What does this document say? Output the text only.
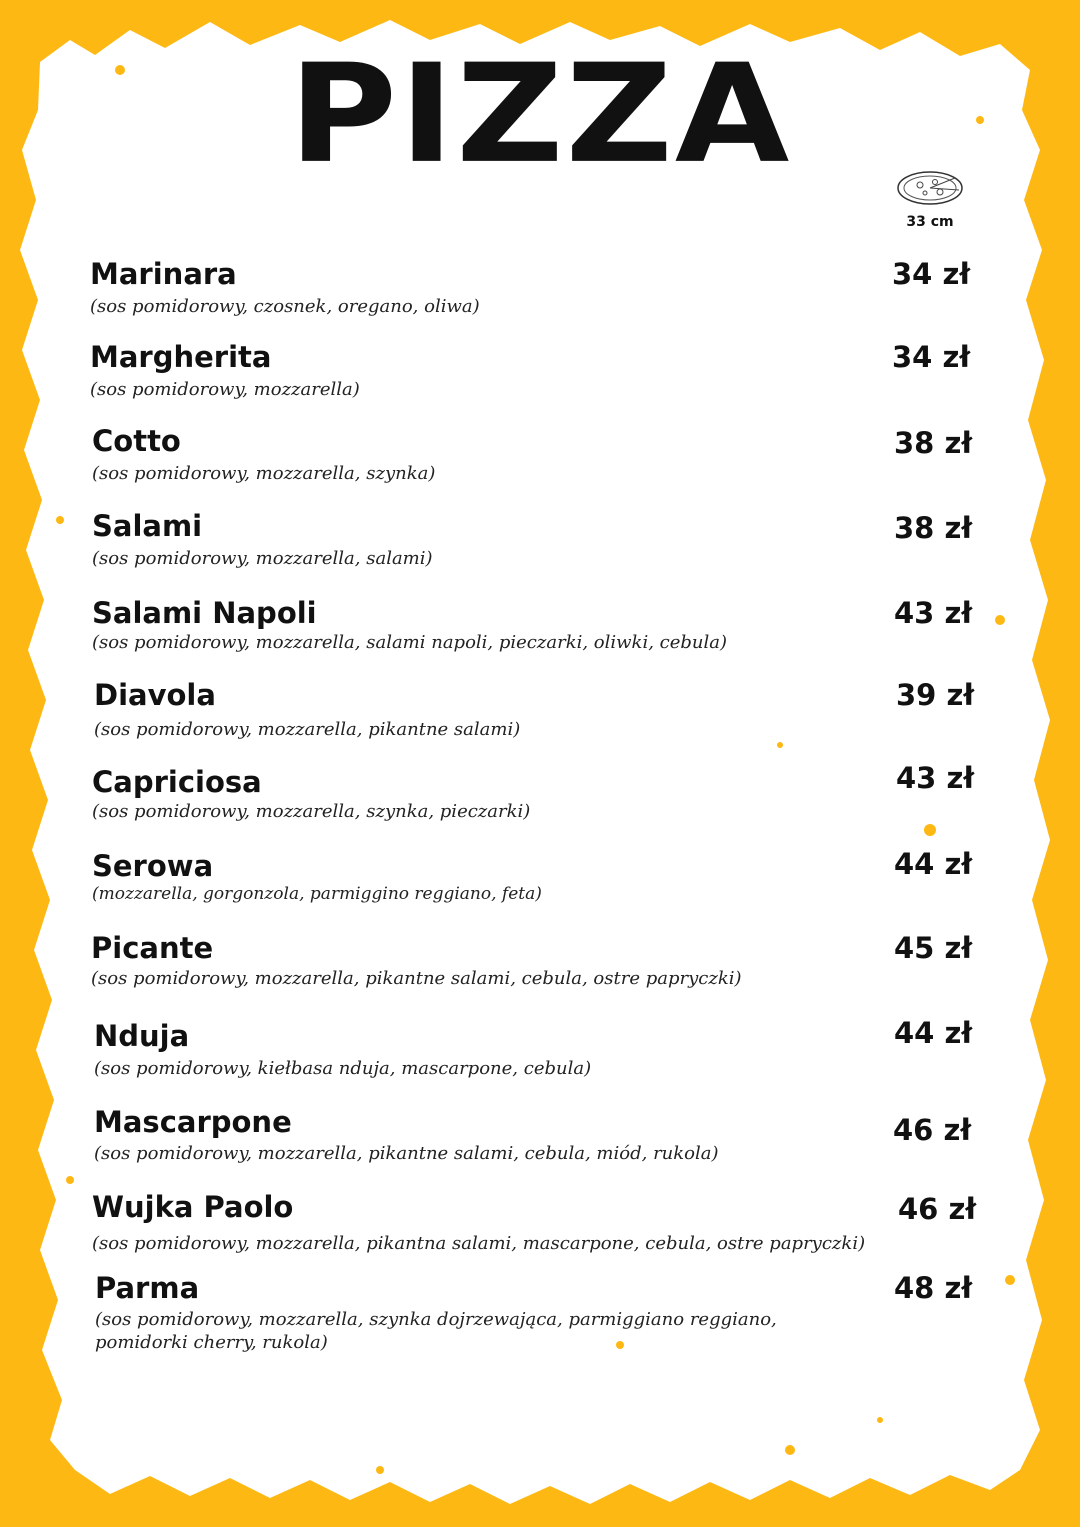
PIZZA
33 cm
Marinara
(sos pomidorowy, czosnek, oregano, oliwa)
34 zł
Margherita
(sos pomidorowy, mozzarella)
34 zł
Cotto
(sos pomidorowy, mozzarella, szynka)
38 zł
Salami
(sos pomidorowy, mozzarella, salami)
38 zł
Salami Napoli
(sos pomidorowy, mozzarella, salami napoli, pieczarki, oliwki, cebula)
43 zł
Diavola
(sos pomidorowy, mozzarella, pikantne salami)
39 zł
Capriciosa
(sos pomidorowy, mozzarella, szynka, pieczarki)
43 zł
Serowa
(mozzarella, gorgonzola, parmiggino reggiano, feta)
44 zł
Picante
(sos pomidorowy, mozzarella, pikantne salami, cebula, ostre papryczki)
45 zł
Nduja
(sos pomidorowy, kiełbasa nduja, mascarpone, cebula)
44 zł
Mascarpone
(sos pomidorowy, mozzarella, pikantne salami, cebula, miód, rukola)
46 zł
Wujka Paolo
(sos pomidorowy, mozzarella, pikantna salami, mascarpone, cebula, ostre papryczki)
46 zł
Parma
(sos pomidorowy, mozzarella, szynka dojrzewająca, parmiggiano reggiano,
pomidorki cherry, rukola)
48 zł
